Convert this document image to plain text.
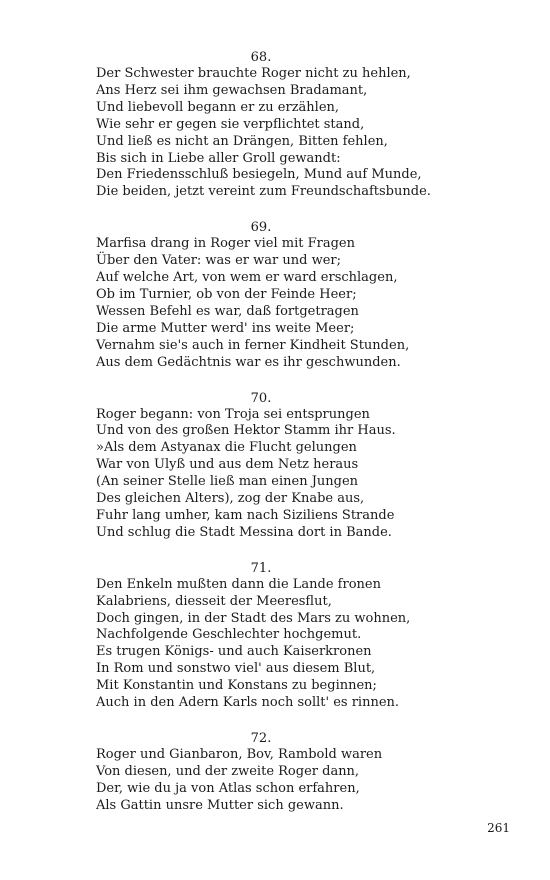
68.
Der Schwester brauchte Roger nicht zu hehlen,
Ans Herz sei ihm gewachsen Bradamant,
Und liebevoll begann er zu erzählen,
Wie sehr er gegen sie verpflichtet stand,
Und ließ es nicht an Drängen, Bitten fehlen,
Bis sich in Liebe aller Groll gewandt:
Den Friedensschluß besiegeln, Mund auf Munde,
Die beiden, jetzt vereint zum Freundschaftsbunde.
69.
Marfisa drang in Roger viel mit Fragen
Über den Vater: was er war und wer;
Auf welche Art, von wem er ward erschlagen,
Ob im Turnier, ob von der Feinde Heer;
Wessen Befehl es war, daß fortgetragen
Die arme Mutter werd' ins weite Meer;
Vernahm sie's auch in ferner Kindheit Stunden,
Aus dem Gedächtnis war es ihr geschwunden.
70.
Roger begann: von Troja sei entsprungen
Und von des großen Hektor Stamm ihr Haus.
»Als dem Astyanax die Flucht gelungen
War von Ulyß und aus dem Netz heraus
(An seiner Stelle ließ man einen Jungen
Des gleichen Alters), zog der Knabe aus,
Fuhr lang umher, kam nach Siziliens Strande
Und schlug die Stadt Messina dort in Bande.
71.
Den Enkeln mußten dann die Lande fronen
Kalabriens, diesseit der Meeresflut,
Doch gingen, in der Stadt des Mars zu wohnen,
Nachfolgende Geschlechter hochgemut.
Es trugen Königs- und auch Kaiserkronen
In Rom und sonstwo viel' aus diesem Blut,
Mit Konstantin und Konstans zu beginnen;
Auch in den Adern Karls noch sollt' es rinnen.
72.
Roger und Gianbaron, Bov, Rambold waren
Von diesen, und der zweite Roger dann,
Der, wie du ja von Atlas schon erfahren,
Als Gattin unsre Mutter sich gewann.
261
